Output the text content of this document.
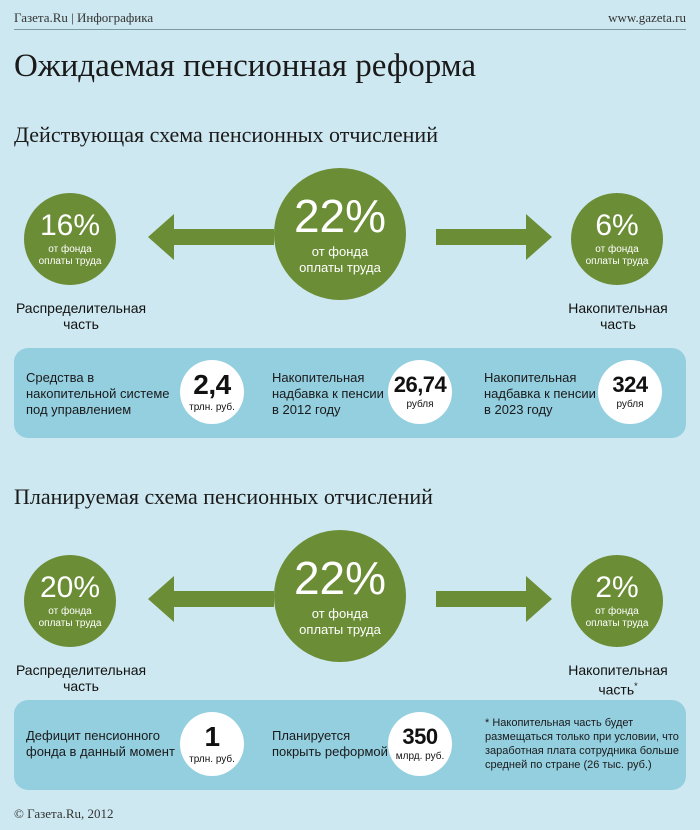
Газета.Ru | Инфографика	www.gazeta.ru
Ожидаемая пенсионная реформа
Действующая схема пенсионных отчислений
16%
от фонда оплаты труда
22%
от фонда оплаты труда
6%
от фонда оплаты труда
Распределительная часть
Накопительная часть
Средства в накопительной системе под управлением
2,4
трлн. руб.
Накопительная надбавка к пенсии в 2012 году
26,74
рубля
Накопительная надбавка к пенсии в 2023 году
324
рубля
Планируемая схема пенсионных отчислений
20%
от фонда оплаты труда
22%
от фонда оплаты труда
2%
от фонда оплаты труда
Распределительная часть
Накопительная часть*
Дефицит пенсионного фонда в данный момент 1
трлн. руб.
Планируется покрыть реформой
350
млрд. руб.
* Накопительная часть будет размещаться только при условии, что заработная плата сотрудника больше средней по стране (26 тыс. руб.)
© Газета.Ru, 2012
